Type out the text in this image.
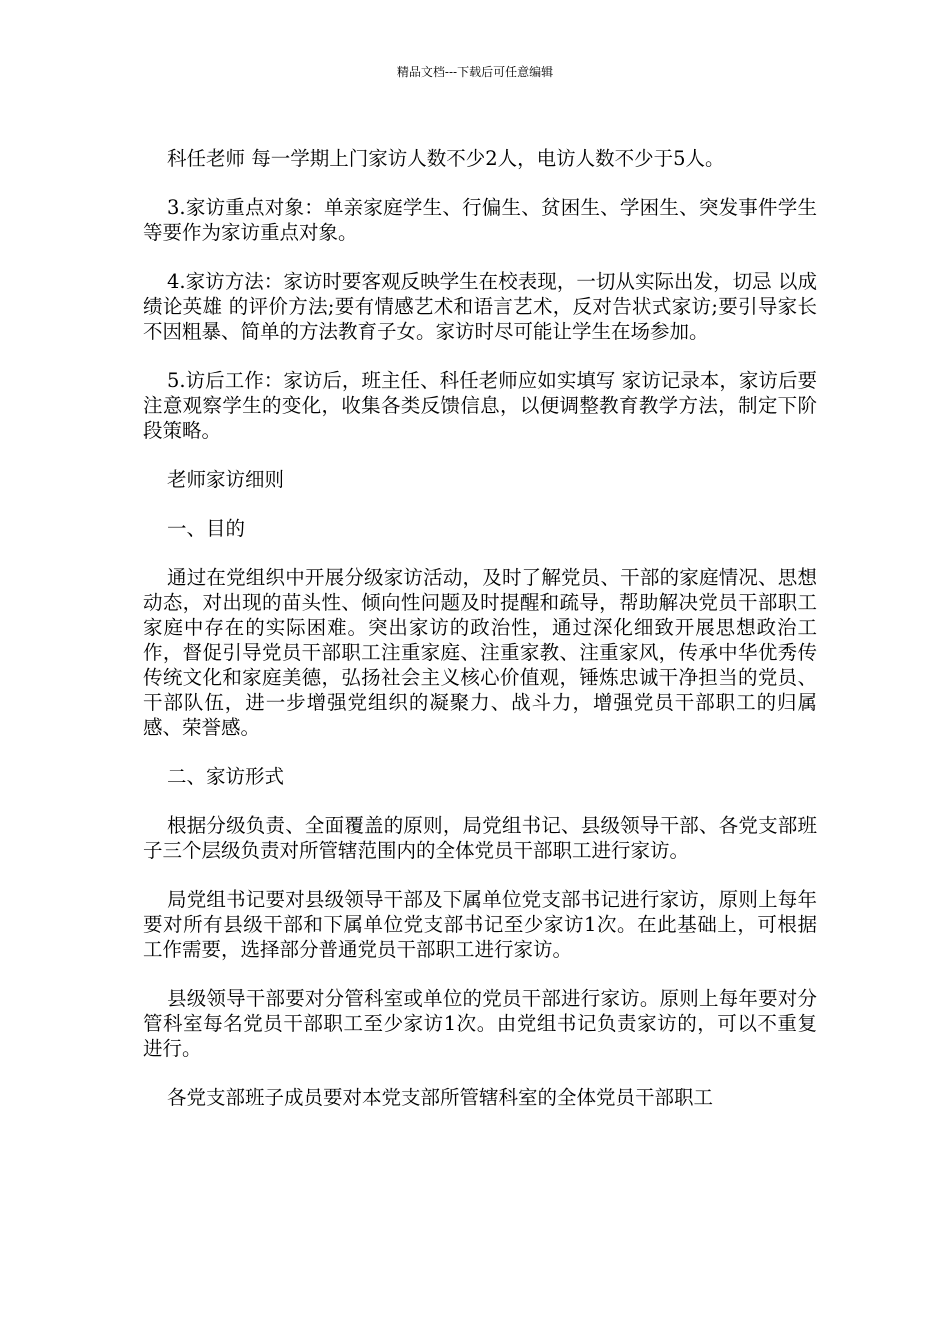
精品文档---下载后可任意编辑

科任老师 每一学期上门家访人数不少2人，电访人数不少于5人。

3.家访重点对象：单亲家庭学生、行偏生、贫困生、学困生、突发事件学生等要作为家访重点对象。

4.家访方法：家访时要客观反映学生在校表现，一切从实际出发，切忌 以成绩论英雄 的评价方法;要有情感艺术和语言艺术，反对告状式家访;要引导家长不因粗暴、简单的方法教育子女。家访时尽可能让学生在场参加。

5.访后工作：家访后，班主任、科任老师应如实填写 家访记录本，家访后要注意观察学生的变化，收集各类反馈信息，以便调整教育教学方法，制定下阶段策略。

老师家访细则

一、目的

通过在党组织中开展分级家访活动，及时了解党员、干部的家庭情况、思想动态，对出现的苗头性、倾向性问题及时提醒和疏导，帮助解决党员干部职工家庭中存在的实际困难。突出家访的政治性，通过深化细致开展思想政治工作，督促引导党员干部职工注重家庭、注重家教、注重家风，传承中华优秀传传统文化和家庭美德，弘扬社会主义核心价值观，锤炼忠诚干净担当的党员、干部队伍，进一步增强党组织的凝聚力、战斗力，增强党员干部职工的归属感、荣誉感。

二、家访形式

根据分级负责、全面覆盖的原则，局党组书记、县级领导干部、各党支部班子三个层级负责对所管辖范围内的全体党员干部职工进行家访。

局党组书记要对县级领导干部及下属单位党支部书记进行家访，原则上每年要对所有县级干部和下属单位党支部书记至少家访1次。在此基础上，可根据工作需要，选择部分普通党员干部职工进行家访。

县级领导干部要对分管科室或单位的党员干部进行家访。原则上每年要对分管科室每名党员干部职工至少家访1次。由党组书记负责家访的，可以不重复进行。

各党支部班子成员要对本党支部所管辖科室的全体党员干部职工
